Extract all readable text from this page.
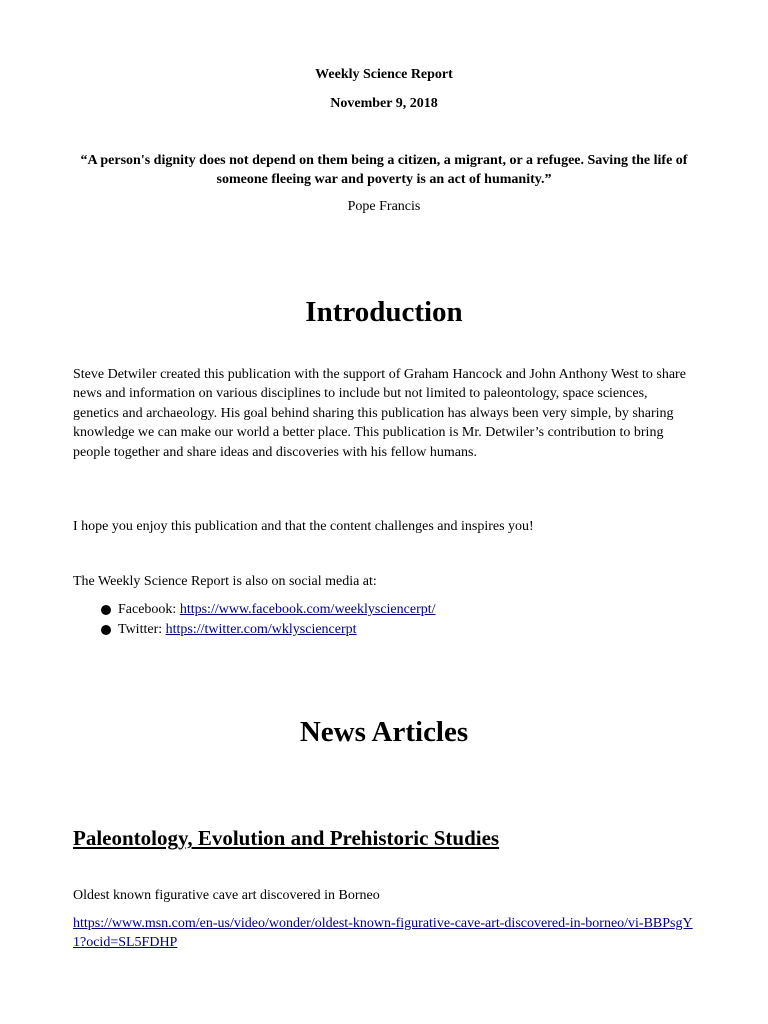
Weekly Science Report
November 9, 2018
“A person's dignity does not depend on them being a citizen, a migrant, or a refugee. Saving the life of someone fleeing war and poverty is an act of humanity.”
Pope Francis
Introduction
Steve Detwiler created this publication with the support of Graham Hancock and John Anthony West to share news and information on various disciplines to include but not limited to paleontology, space sciences, genetics and archaeology. His goal behind sharing this publication has always been very simple, by sharing knowledge we can make our world a better place. This publication is Mr. Detwiler’s contribution to bring people together and share ideas and discoveries with his fellow humans.
I hope you enjoy this publication and that the content challenges and inspires you!
The Weekly Science Report is also on social media at:
Facebook: https://www.facebook.com/weeklysciencerpt/
Twitter: https://twitter.com/wklysciencerpt
News Articles
Paleontology, Evolution and Prehistoric Studies
Oldest known figurative cave art discovered in Borneo
https://www.msn.com/en-us/video/wonder/oldest-known-figurative-cave-art-discovered-in-borneo/vi-BBPsgY1?ocid=SL5FDHP
